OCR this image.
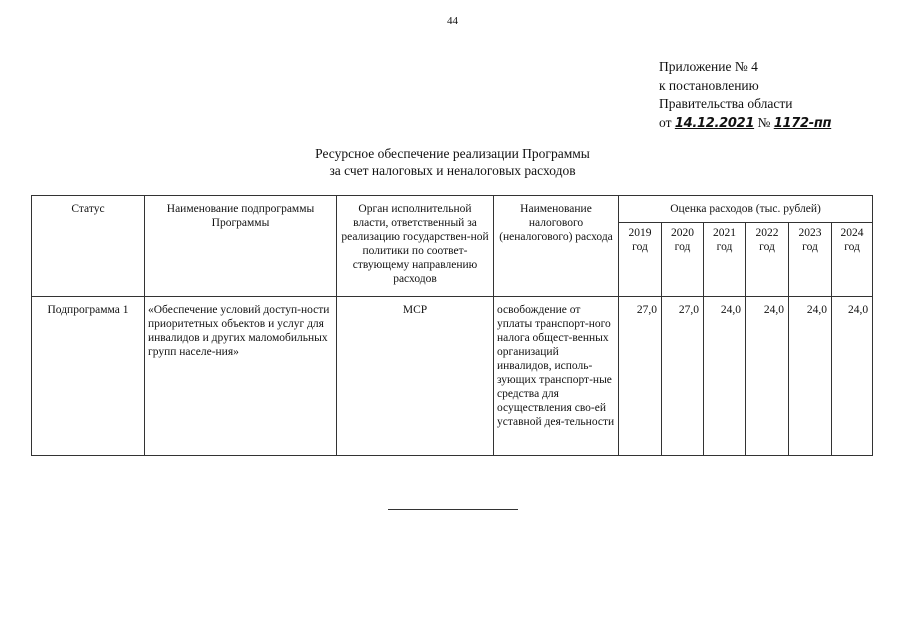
44
Приложение № 4
к постановлению
Правительства области
от 14.12.2021 № 1172-пп
Ресурсное обеспечение реализации Программы
за счет налоговых и неналоговых расходов
Статус	Наименование подпрограммы Программы	Орган исполнительной власти, ответственный за реализацию государствен-ной политики по соответ-ствующему направлению расходов	Наименование налогового (неналогового) расхода	Оценка расходов (тыс. рублей)					
				2019 год	2020 год	2021 год	2022 год	2023 год	2024 год
Подпрограмма 1	«Обеспечение условий доступ-ности приоритетных объектов и услуг для инвалидов и других маломобильных групп населе-ния»	МСР	освобождение от уплаты транспорт-ного налога общест-венных организаций инвалидов, исполь-зующих транспорт-ные средства для осуществления сво-ей уставной дея-тельности	27,0	27,0	24,0	24,0	24,0	24,0
